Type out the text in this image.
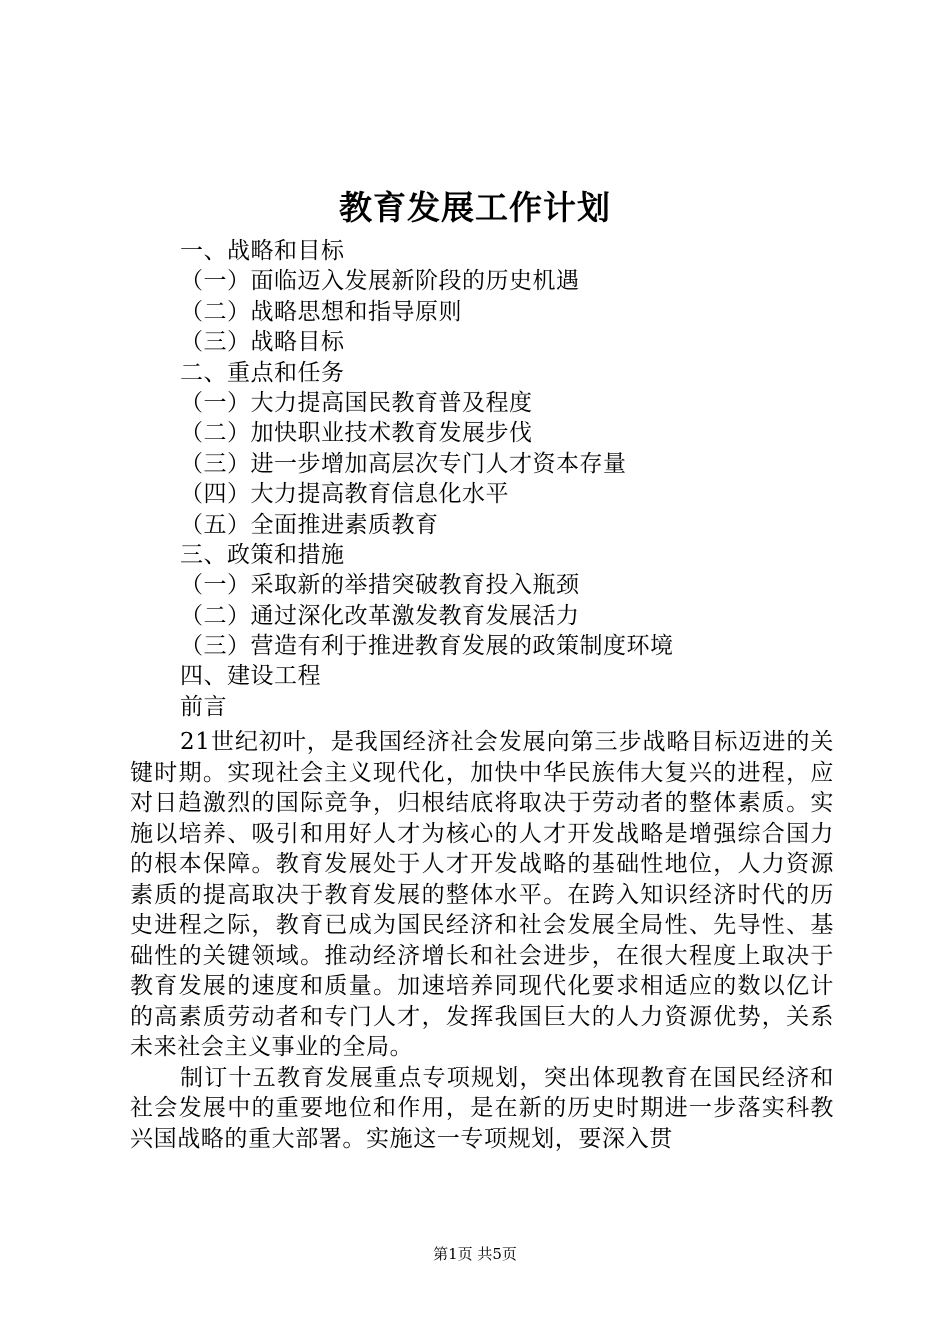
教育发展工作计划
一、战略和目标
（一）面临迈入发展新阶段的历史机遇
（二）战略思想和指导原则
（三）战略目标
二、重点和任务
（一）大力提高国民教育普及程度
（二）加快职业技术教育发展步伐
（三）进一步增加高层次专门人才资本存量
（四）大力提高教育信息化水平
（五）全面推进素质教育
三、政策和措施
（一）采取新的举措突破教育投入瓶颈
（二）通过深化改革激发教育发展活力
（三）营造有利于推进教育发展的政策制度环境
四、建设工程
前言

21世纪初叶，是我国经济社会发展向第三步战略目标迈进的关键时期。实现社会主义现代化，加快中华民族伟大复兴的进程，应对日趋激烈的国际竞争，归根结底将取决于劳动者的整体素质。实施以培养、吸引和用好人才为核心的人才开发战略是增强综合国力的根本保障。教育发展处于人才开发战略的基础性地位，人力资源素质的提高取决于教育发展的整体水平。在跨入知识经济时代的历史进程之际，教育已成为国民经济和社会发展全局性、先导性、基础性的关键领域。推动经济增长和社会进步，在很大程度上取决于教育发展的速度和质量。加速培养同现代化要求相适应的数以亿计的高素质劳动者和专门人才，发挥我国巨大的人力资源优势，关系未来社会主义事业的全局。

制订十五教育发展重点专项规划，突出体现教育在国民经济和社会发展中的重要地位和作用，是在新的历史时期进一步落实科教兴国战略的重大部署。实施这一专项规划，要深入贯

第1页 共5页
